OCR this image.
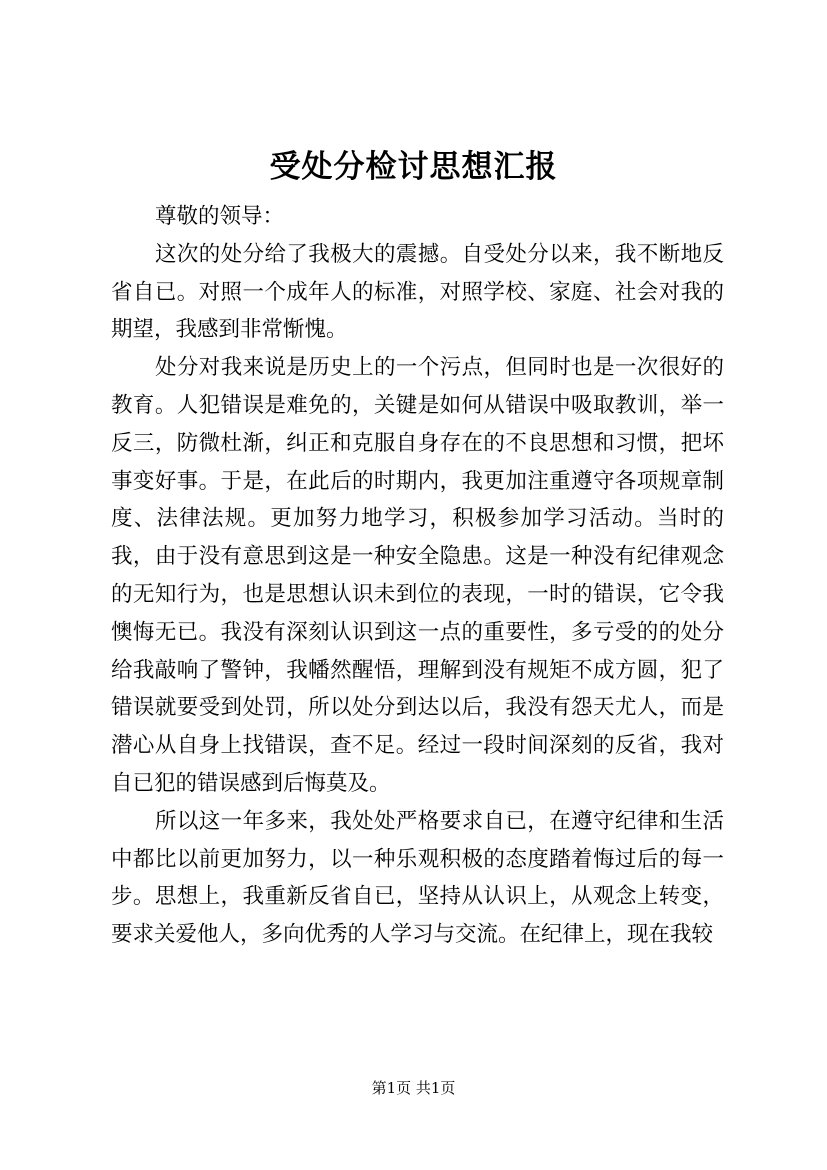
受处分检讨思想汇报

尊敬的领导：

这次的处分给了我极大的震撼。自受处分以来，我不断地反省自已。对照一个成年人的标准，对照学校、家庭、社会对我的期望，我感到非常惭愧。

处分对我来说是历史上的一个污点，但同时也是一次很好的教育。人犯错误是难免的，关键是如何从错误中吸取教训，举一反三，防微杜渐，纠正和克服自身存在的不良思想和习惯，把坏事变好事。于是，在此后的时期内，我更加注重遵守各项规章制度、法律法规。更加努力地学习，积极参加学习活动。当时的我，由于没有意思到这是一种安全隐患。这是一种没有纪律观念的无知行为，也是思想认识未到位的表现，一时的错误，它令我懊悔无已。我没有深刻认识到这一点的重要性，多亏受的的处分给我敲响了警钟，我幡然醒悟，理解到没有规矩不成方圆，犯了错误就要受到处罚，所以处分到达以后，我没有怨天尤人，而是潜心从自身上找错误，查不足。经过一段时间深刻的反省，我对自已犯的错误感到后悔莫及。

所以这一年多来，我处处严格要求自已，在遵守纪律和生活中都比以前更加努力，以一种乐观积极的态度踏着悔过后的每一步。思想上，我重新反省自已，坚持从认识上，从观念上转变，要求关爱他人，多向优秀的人学习与交流。在纪律上，现在我较

第1页 共1页
